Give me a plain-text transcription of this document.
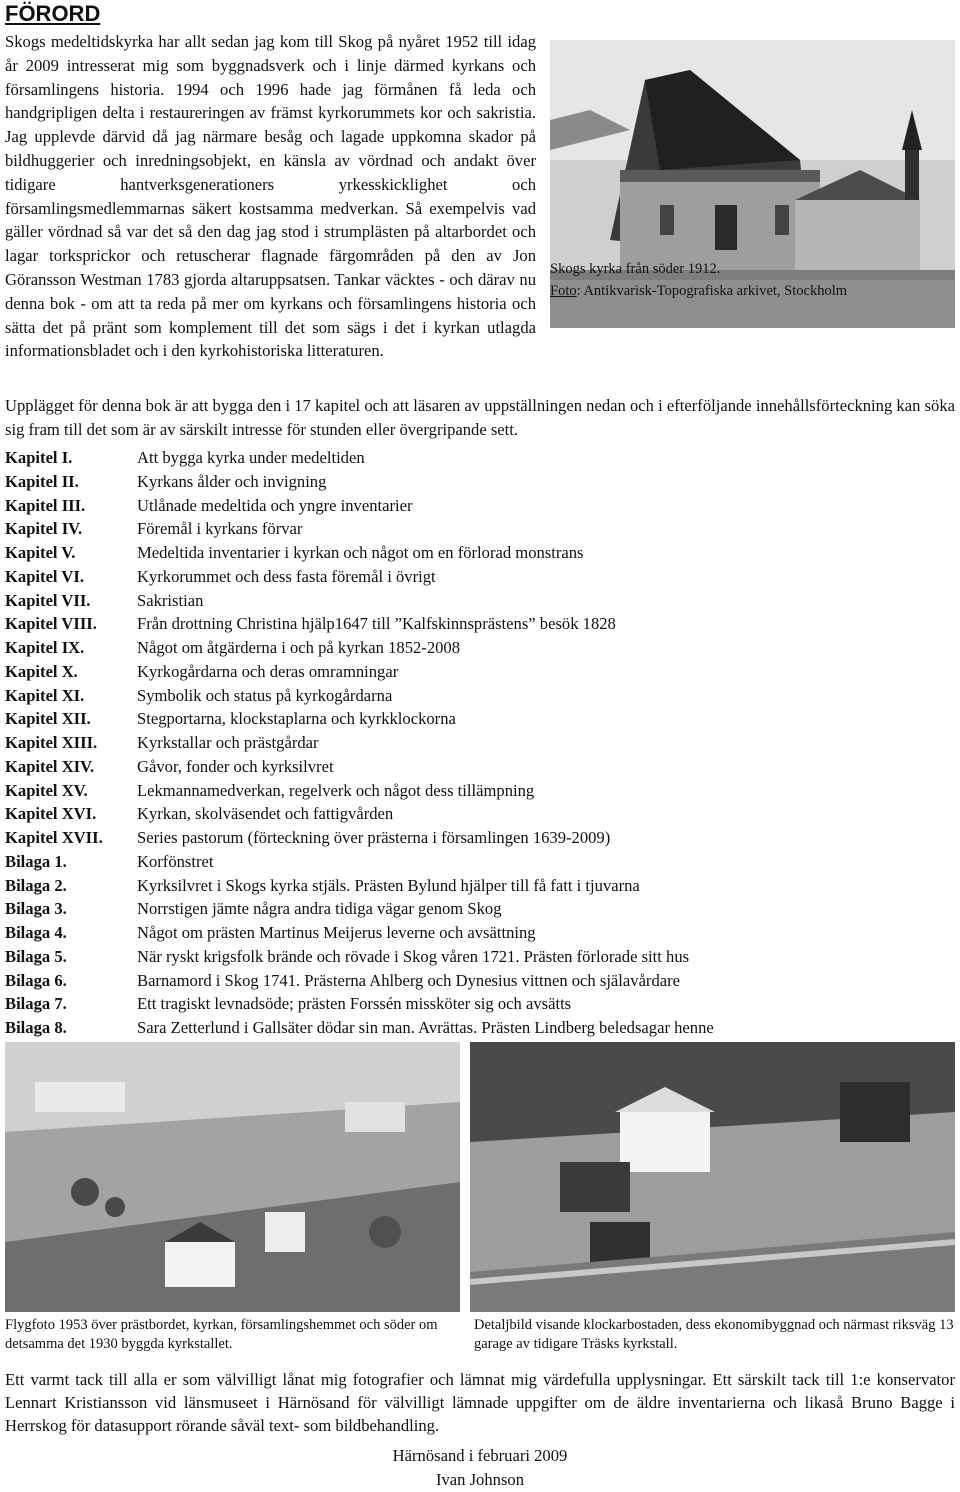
FÖRORD

Skogs medeltidskyrka har allt sedan jag kom till Skog på nyåret 1952 till idag år 2009 intresserat mig som byggnadsverk och i linje därmed kyrkans och församlingens historia. 1994 och 1996 hade jag förmånen få leda och handgripligen delta i restaureringen av främst kyrkorummets kor och sakristia. Jag upplevde därvid då jag närmare besåg och lagade uppkomna skador på bildhuggerier och inredningsobjekt, en känsla av vördnad och andakt över tidigare hantverksgenerationers yrkesskicklighet och församlingsmedlemmarnas säkert kostsamma medverkan. Så exempelvis vad gäller vördnad så var det så den dag jag stod i strumplästen på altarbordet och lagar torksprickor och retuscherar flagnade färgområden på den av Jon Göransson Westman 1783 gjorda altaruppsatsen. Tankar väcktes - och därav nu denna bok - om att ta reda på mer om kyrkans och församlingens historia och sätta det på pränt som komplement till det som sägs i det i kyrkan utlagda informationsbladet och i den kyrkohistoriska litteraturen.

Skogs kyrka från söder 1912.
Foto: Antikvarisk-Topografiska arkivet, Stockholm

Upplägget för denna bok är att bygga den i 17 kapitel och att läsaren av uppställningen nedan och i efterföljande innehållsförteckning kan söka sig fram till det som är av särskilt intresse för stunden eller övergripande sett.

Kapitel I.	Att bygga kyrka under medeltiden
Kapitel II.	Kyrkans ålder och invigning
Kapitel III.	Utlånade medeltida och yngre inventarier
Kapitel IV.	Föremål i kyrkans förvar
Kapitel V.	Medeltida inventarier i kyrkan och något om en förlorad monstrans
Kapitel VI.	Kyrkorummet och dess fasta föremål i övrigt
Kapitel VII.	Sakristian
Kapitel VIII. Från drottning Christina hjälp1647 till ”Kalfskinnsprästens” besök 1828
Kapitel IX.	Något om åtgärderna i och på kyrkan 1852-2008
Kapitel X.	Kyrkogårdarna och deras omramningar
Kapitel XI.	Symbolik och status på kyrkogårdarna
Kapitel XII.	Stegportarna, klockstaplarna och kyrkklockorna
Kapitel XIII. Kyrkstallar och prästgårdar
Kapitel XIV.	Gåvor, fonder och kyrksilvret
Kapitel XV.	Lekmannamedverkan, regelverk och något dess tillämpning
Kapitel XVI. Kyrkan, skolväsendet och fattigvården
Kapitel XVII. Series pastorum (förteckning över prästerna i församlingen 1639-2009)
Bilaga 1.	Korfönstret
Bilaga 2.	Kyrksilvret i Skogs kyrka stjäls. Prästen Bylund hjälper till få fatt i tjuvarna
Bilaga 3.	Norrstigen jämte några andra tidiga vägar genom Skog
Bilaga 4.	Något om prästen Martinus Meijerus leverne och avsättning
Bilaga 5.	När ryskt krigsfolk brände och rövade i Skog våren 1721. Prästen förlorade sitt hus
Bilaga 6.	Barnamord i Skog 1741. Prästerna Ahlberg och Dynesius vittnen och själavårdare
Bilaga 7.	Ett tragiskt levnadsöde; prästen Forssén missköter sig och avsätts
Bilaga 8.	Sara Zetterlund i Gallsäter dödar sin man. Avrättas. Prästen Lindberg beledsagar henne
Flygfoto 1953 över prästbordet, kyrkan, församlingshemmet och söder om detsamma det 1930 byggda kyrkstallet.
Detaljbild visande klockarbostaden, dess ekonomibyggnad och närmast riksväg 13 garage av tidigare Träsks kyrkstall.

Ett varmt tack till alla er som välvilligt lånat mig fotografier och lämnat mig värdefulla upplysningar. Ett särskilt tack till 1:e konservator Lennart Kristiansson vid länsmuseet i Härnösand för välvilligt lämnade uppgifter om de äldre inventarierna och likaså Bruno Bagge i Herrskog för datasupport rörande såväl text- som bildbehandling.

Härnösand i februari 2009
Ivan Johnson
